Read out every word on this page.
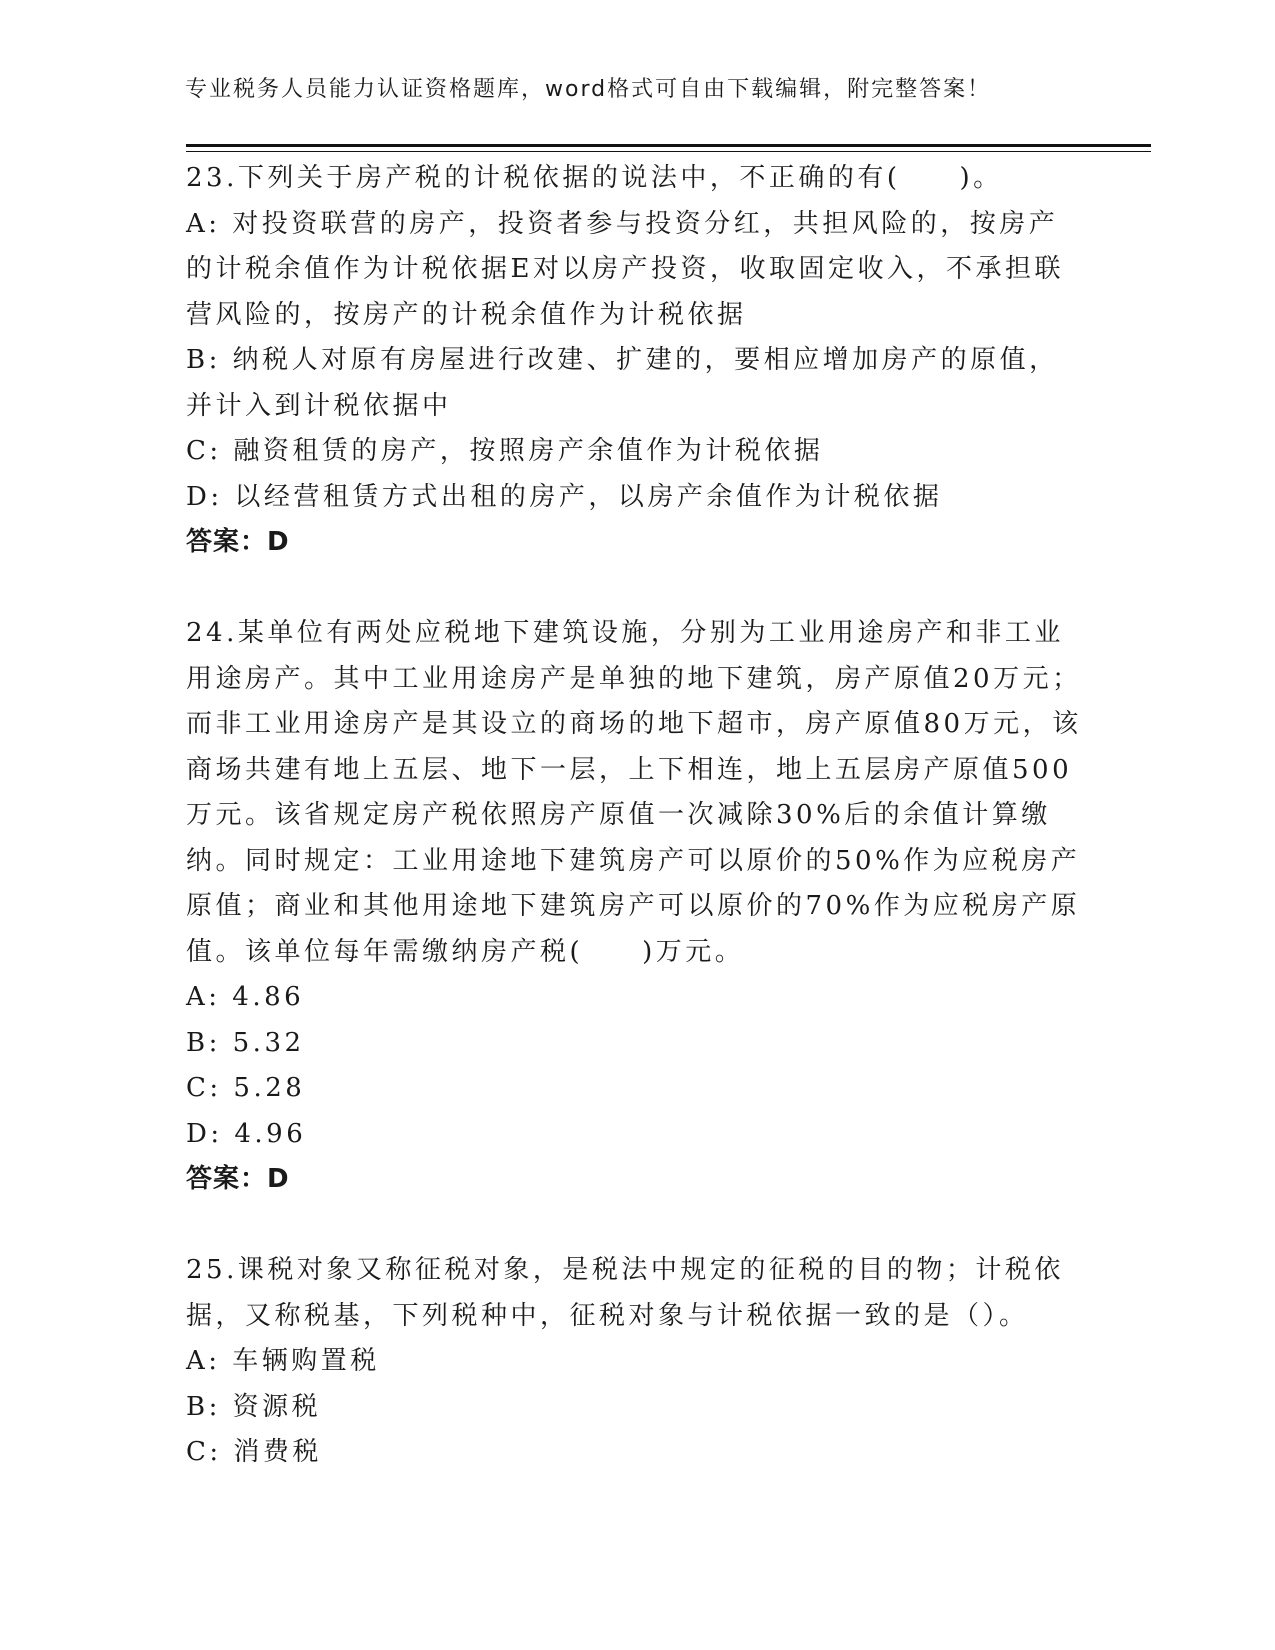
专业税务人员能力认证资格题库，word格式可自由下载编辑，附完整答案！
23.下列关于房产税的计税依据的说法中，不正确的有(　　)。
A: 对投资联营的房产，投资者参与投资分红，共担风险的，按房产的计税余值作为计税依据E对以房产投资，收取固定收入，不承担联营风险的，按房产的计税余值作为计税依据
B: 纳税人对原有房屋进行改建、扩建的，要相应增加房产的原值，并计入到计税依据中
C: 融资租赁的房产，按照房产余值作为计税依据
D: 以经营租赁方式出租的房产，以房产余值作为计税依据
答案：D
24.某单位有两处应税地下建筑设施，分别为工业用途房产和非工业用途房产。其中工业用途房产是单独的地下建筑，房产原值20万元；而非工业用途房产是其设立的商场的地下超市，房产原值80万元，该商场共建有地上五层、地下一层，上下相连，地上五层房产原值500万元。该省规定房产税依照房产原值一次减除30%后的余值计算缴纳。同时规定：工业用途地下建筑房产可以原价的50%作为应税房产原值；商业和其他用途地下建筑房产可以原价的70%作为应税房产原值。该单位每年需缴纳房产税(　　)万元。
A: 4.86
B: 5.32
C: 5.28
D: 4.96
答案：D
25.课税对象又称征税对象，是税法中规定的征税的目的物；计税依据，又称税基，下列税种中，征税对象与计税依据一致的是（）。
A: 车辆购置税
B: 资源税
C: 消费税
